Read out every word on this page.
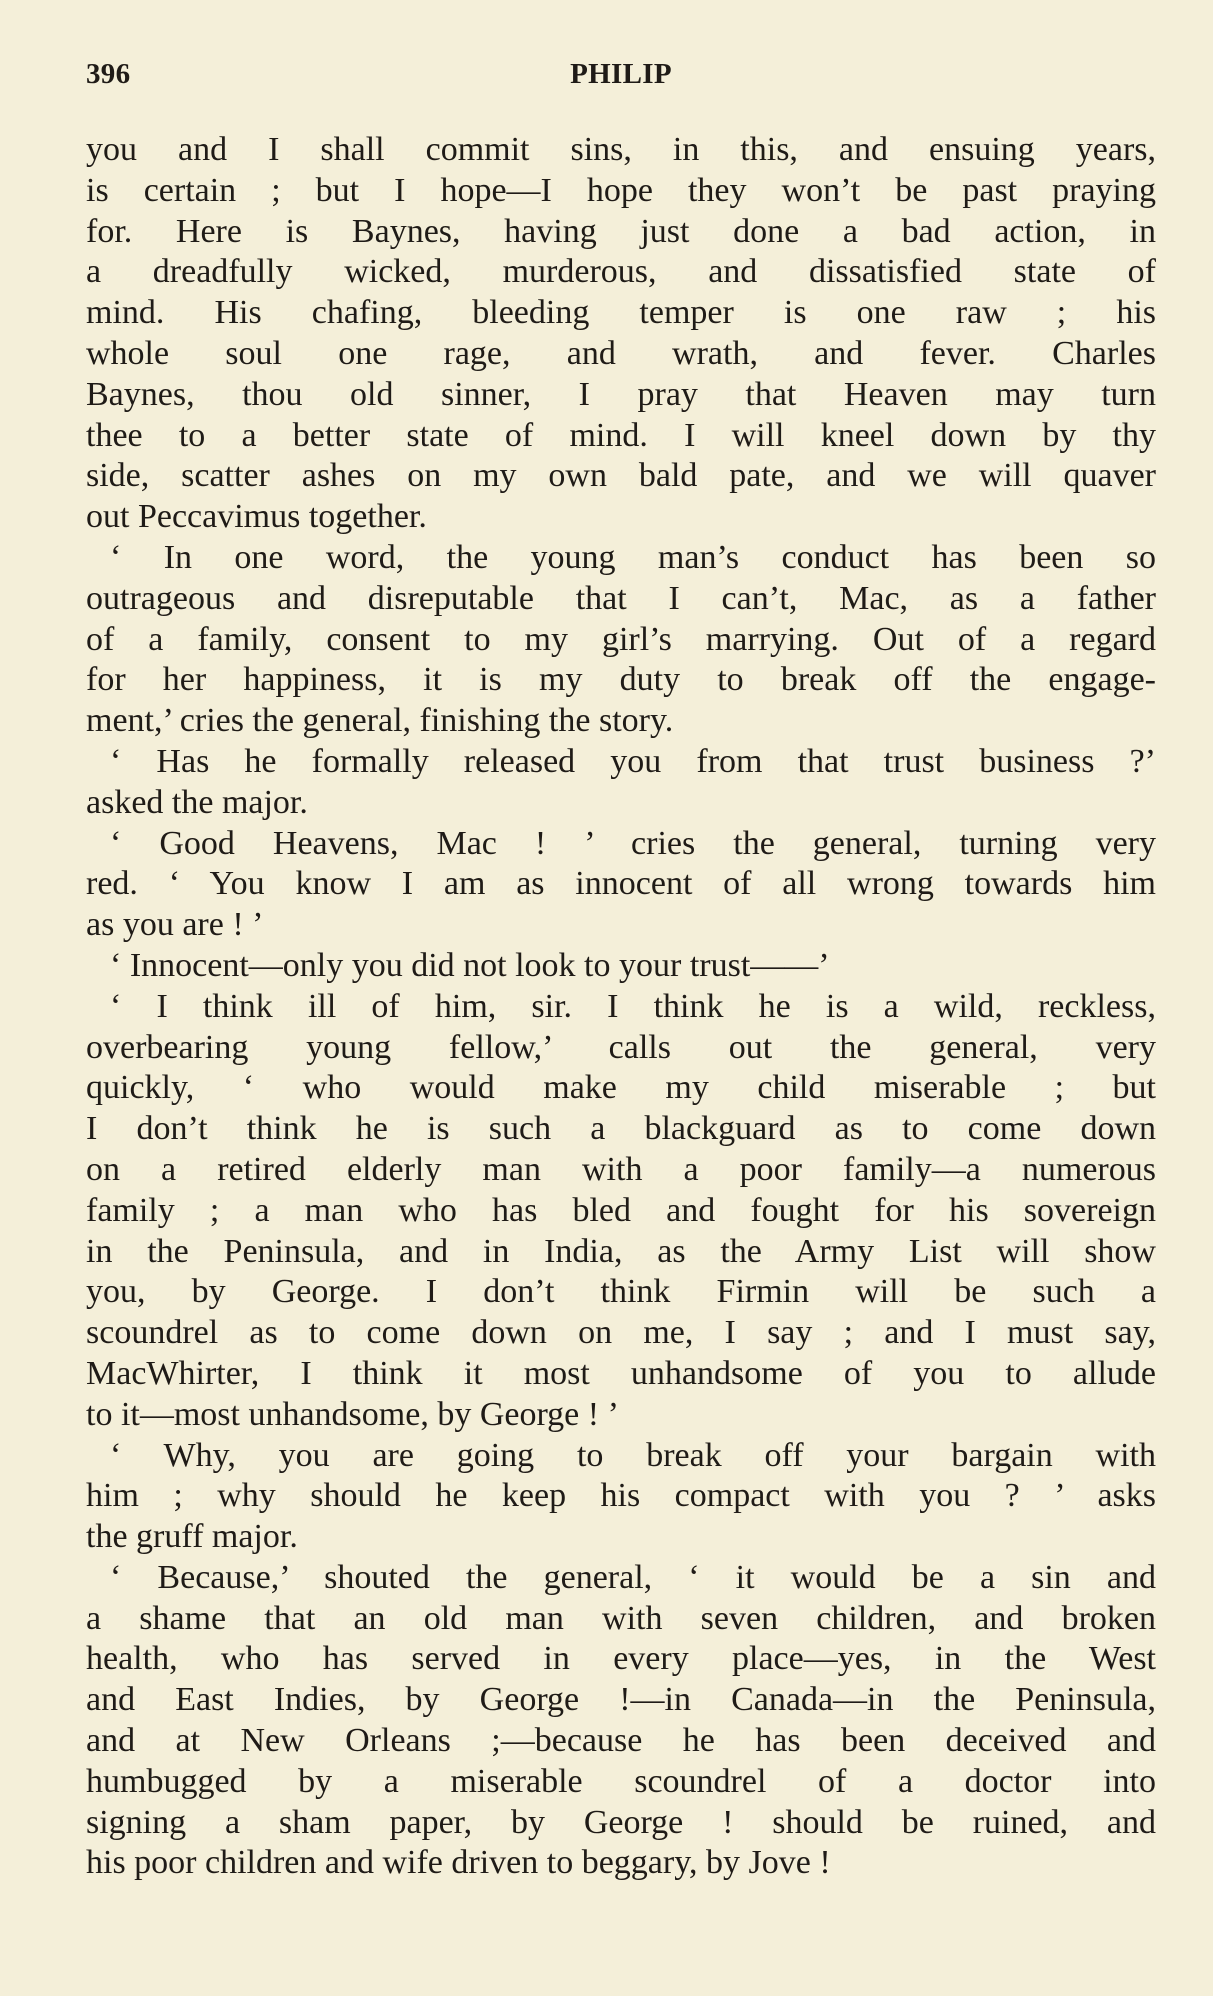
396	PHILIP
you and I shall commit sins, in this, and ensuing years,
is certain ; but I hope—I hope they won’t be past praying
for. Here is Baynes, having just done a bad action, in
a dreadfully wicked, murderous, and dissatisfied state of
mind. His chafing, bleeding temper is one raw ; his
whole soul one rage, and wrath, and fever. Charles
Baynes, thou old sinner, I pray that Heaven may turn
thee to a better state of mind. I will kneel down by thy
side, scatter ashes on my own bald pate, and we will quaver
out Peccavimus together.
‘ In one word, the young man’s conduct has been so
outrageous and disreputable that I can’t, Mac, as a father
of a family, consent to my girl’s marrying. Out of a regard
for her happiness, it is my duty to break off the engage-
ment,’ cries the general, finishing the story.
‘ Has he formally released you from that trust business ?’
asked the major.
‘ Good Heavens, Mac ! ’ cries the general, turning very
red. ‘ You know I am as innocent of all wrong towards him
as you are ! ’
‘ Innocent—only you did not look to your trust——’
‘ I think ill of him, sir. I think he is a wild, reckless,
overbearing young fellow,’ calls out the general, very
quickly, ‘ who would make my child miserable ; but
I don’t think he is such a blackguard as to come down
on a retired elderly man with a poor family—a numerous
family ; a man who has bled and fought for his sovereign
in the Peninsula, and in India, as the Army List will show
you, by George. I don’t think Firmin will be such a
scoundrel as to come down on me, I say ; and I must say,
MacWhirter, I think it most unhandsome of you to allude
to it—most unhandsome, by George ! ’
‘ Why, you are going to break off your bargain with
him ; why should he keep his compact with you ? ’ asks
the gruff major.
‘ Because,’ shouted the general, ‘ it would be a sin and
a shame that an old man with seven children, and broken
health, who has served in every place—yes, in the West
and East Indies, by George !—in Canada—in the Peninsula,
and at New Orleans ;—because he has been deceived and
humbugged by a miserable scoundrel of a doctor into
signing a sham paper, by George ! should be ruined, and
his poor children and wife driven to beggary, by Jove !
